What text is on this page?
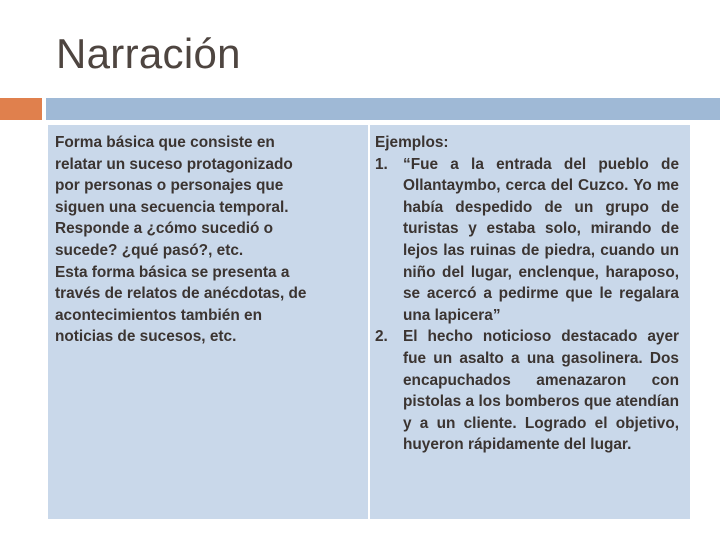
Narración
Forma básica que consiste en
relatar un suceso protagonizado
por personas o personajes que
siguen una secuencia temporal.
Responde a ¿cómo sucedió o
sucede? ¿qué pasó?, etc.
Esta forma básica se presenta a
través de relatos de anécdotas, de
acontecimientos también en
noticias de sucesos, etc.
Ejemplos:
1. “Fue a la entrada del pueblo de Ollantaymbo, cerca del Cuzco. Yo me había despedido de un grupo de turistas y estaba solo, mirando de lejos las ruinas de piedra, cuando un niño del lugar, enclenque, haraposo, se acercó a pedirme que le regalara una lapicera”
2. El hecho noticioso destacado ayer fue un asalto a una gasolinera. Dos encapuchados amenazaron con pistolas a los bomberos que atendían y a un cliente. Logrado el objetivo, huyeron rápidamente del lugar.
